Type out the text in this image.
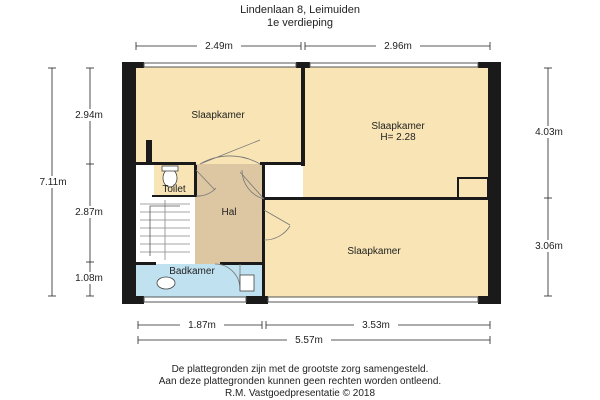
Lindenlaan 8, Leimuiden
1e verdieping
2.49m	2.96m
2.94m
2.87m
1.08m
7.11m
4.03m
3.06m
1.87m	3.53m
5.57m
Slaapkamer
Slaapkamer
H= 2.28
Toilet
Hal
Badkamer
Slaapkamer
De plattegronden zijn met de grootste zorg samengesteld.
Aan deze plattegronden kunnen geen rechten worden ontleend.
R.M. Vastgoedpresentatie © 2018
